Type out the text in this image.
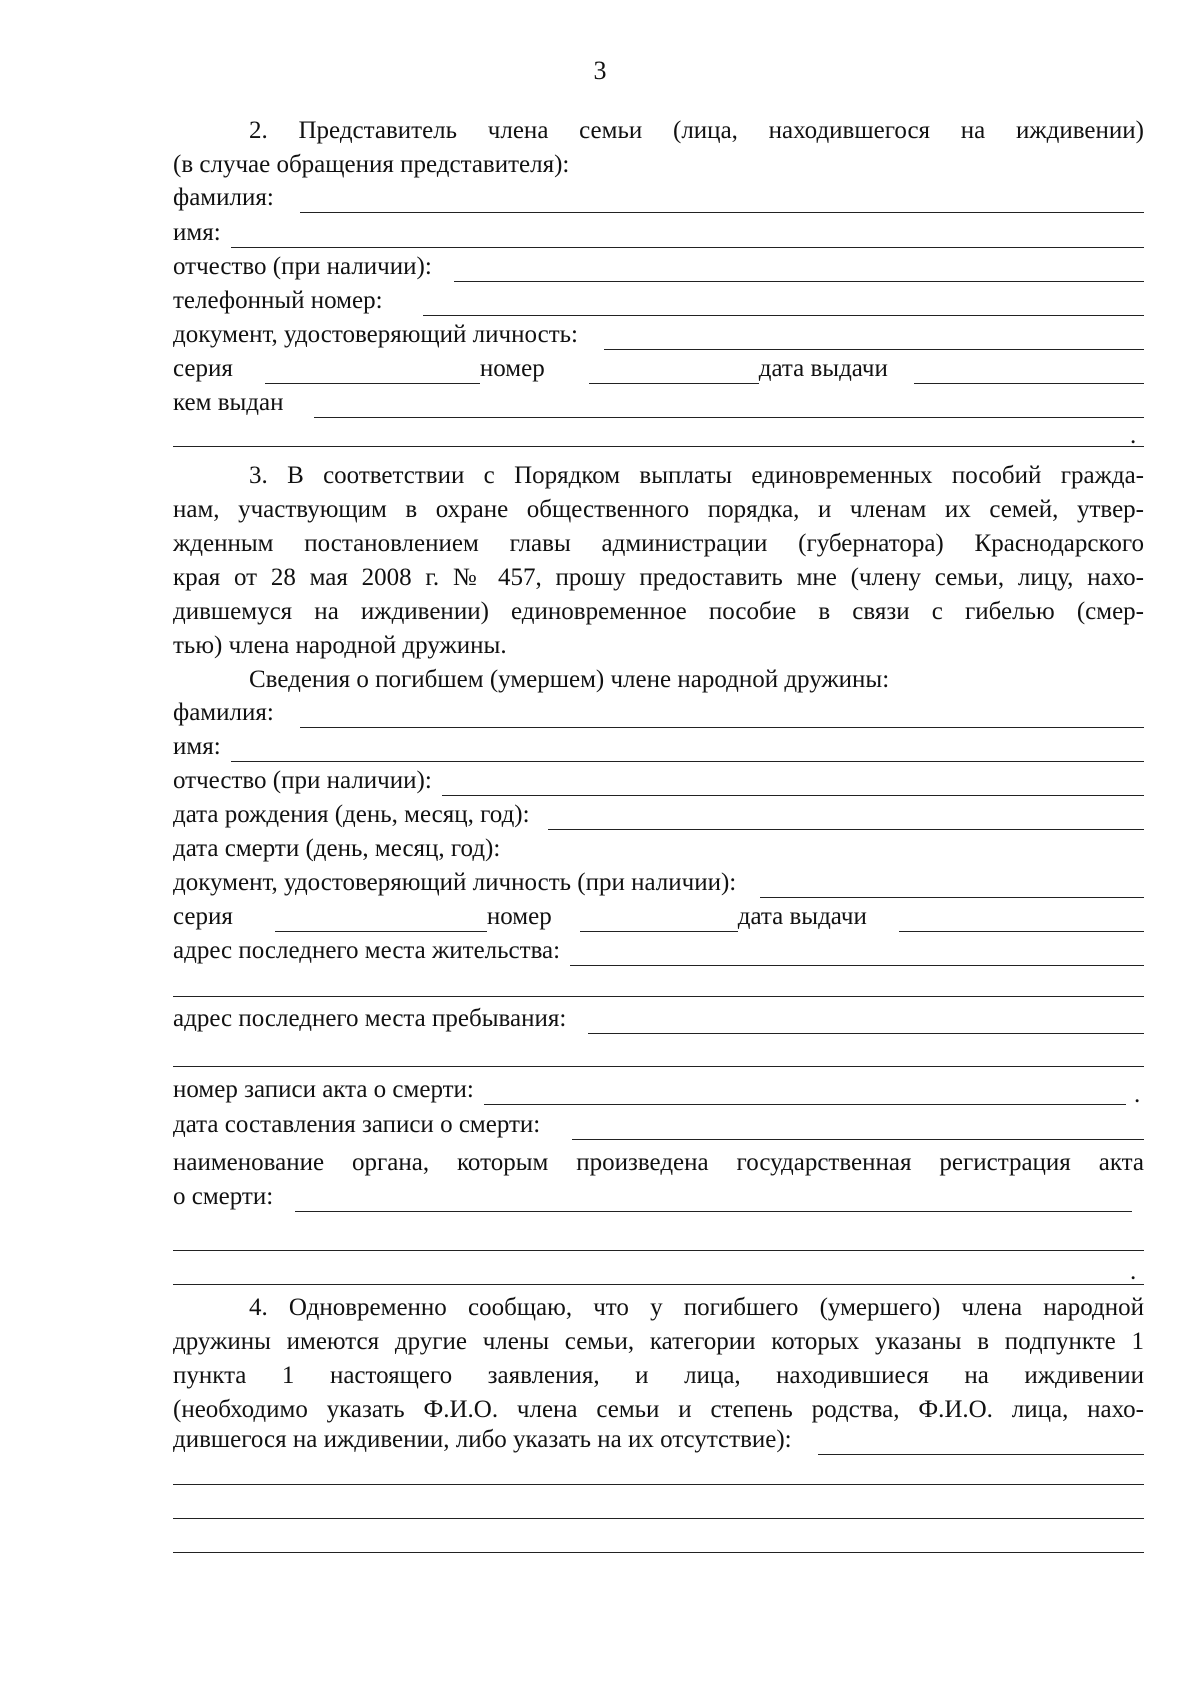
3
2. Представитель члена семьи (лица, находившегося на иждивении)
(в случае обращения представителя):
фамилия:
имя:
отчество (при наличии):
телефонный номер:
документ, удостоверяющий личность:
серия	номер	дата выдачи
кем выдан
.
3. В соответствии с Порядком выплаты единовременных пособий гражда-
нам, участвующим в охране общественного порядка, и членам их семей, утвер-
жденным постановлением главы администрации (губернатора) Краснодарского
края от 28 мая 2008 г. № 457, прошу предоставить мне (члену семьи, лицу, нахо-
дившемуся на иждивении) единовременное пособие в связи с гибелью (смер-
тью) члена народной дружины.
Сведения о погибшем (умершем) члене народной дружины:
фамилия:
имя:
отчество (при наличии):
дата рождения (день, месяц, год):
дата смерти (день, месяц, год):
документ, удостоверяющий личность (при наличии):
серия	номер	дата выдачи
адрес последнего места жительства:
адрес последнего места пребывания:
номер записи акта о смерти:	.
дата составления записи о смерти:
наименование органа, которым произведена государственная регистрация акта
о смерти:
.
4. Одновременно сообщаю, что у погибшего (умершего) члена народной
дружины имеются другие члены семьи, категории которых указаны в подпункте 1
пункта 1 настоящего заявления, и лица, находившиеся на иждивении
(необходимо указать Ф.И.О. члена семьи и степень родства, Ф.И.О. лица, нахо-
дившегося на иждивении, либо указать на их отсутствие):
